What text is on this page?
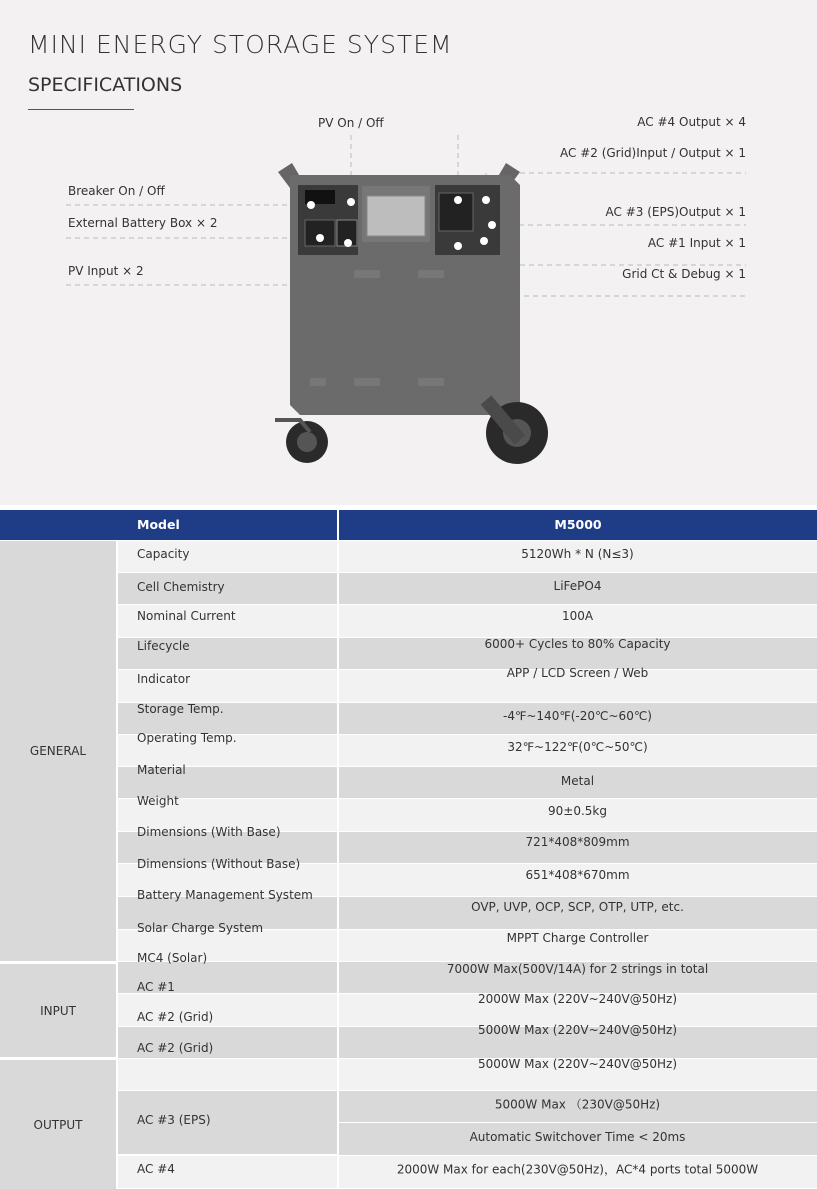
MINI ENERGY STORAGE SYSTEM
SPECIFICATIONS
PV On / Off
Breaker On / Off
External Battery Box × 2
PV Input × 2
AC #4 Output × 4
AC #2 (Grid)Input / Output × 1
AC #3 (EPS)Output × 1
AC #1 Input × 1
Grid Ct & Debug × 1
Model	M5000
GENERAL
INPUT
OUTPUT
Capacity
Cell Chemistry
Nominal Current
Lifecycle
Indicator
Storage Temp.
Operating Temp.
Material
Weight
Dimensions (With Base)
Dimensions (Without Base)
Battery Management System
Solar Charge System
MC4 (Solar)
AC #1
AC #2 (Grid)
AC #2 (Grid)
AC #3 (EPS)
AC #4
5120Wh * N (N≤3)
LiFePO4
100A
6000+ Cycles to 80% Capacity
APP / LCD Screen / Web
-4℉~140℉(-20℃~60℃)
32℉~122℉(0℃~50℃)
Metal
90±0.5kg
721*408*809mm
651*408*670mm
OVP, UVP, OCP, SCP, OTP, UTP, etc.
MPPT Charge Controller
7000W Max(500V/14A) for 2 strings in total
2000W Max (220V~240V@50Hz)
5000W Max (220V~240V@50Hz)
5000W Max (220V~240V@50Hz)
5000W Max （230V@50Hz)
Automatic Switchover Time < 20ms
2000W Max for each(230V@50Hz)，AC*4 ports total 5000W
